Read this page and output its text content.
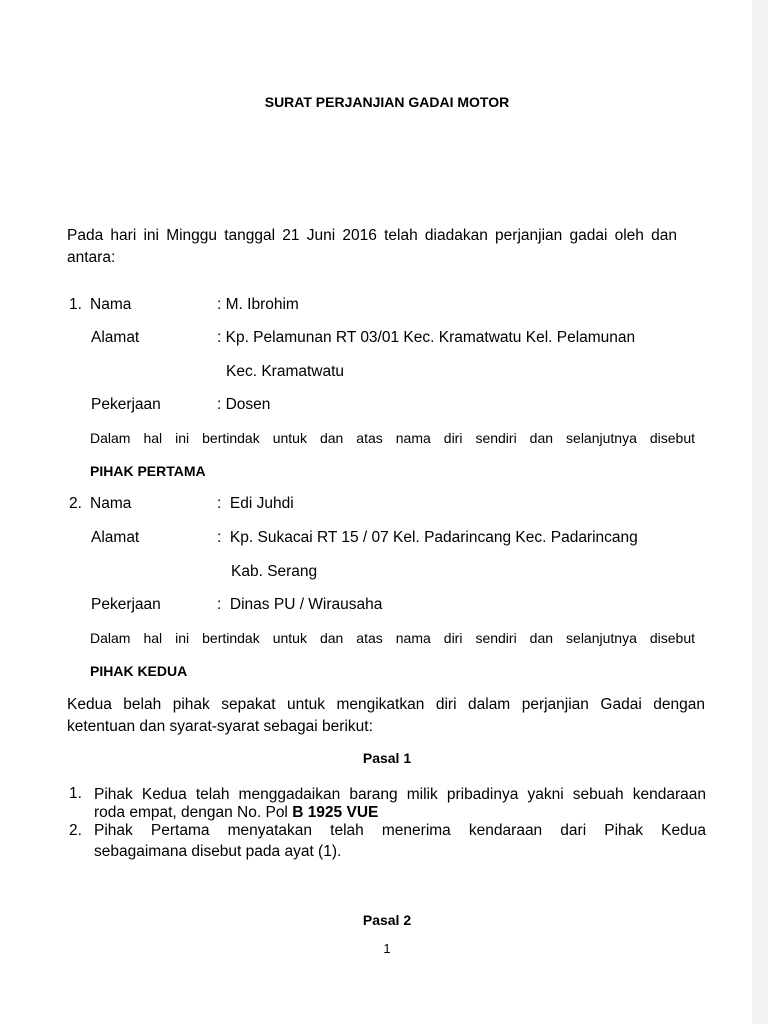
SURAT PERJANJIAN GADAI MOTOR
Pada hari ini Minggu tanggal 21 Juni 2016 telah diadakan perjanjian gadai oleh dan
antara:
1. Nama	: M. Ibrohim
Alamat	: Kp. Pelamunan RT 03/01 Kec. Kramatwatu Kel. Pelamunan
Kec. Kramatwatu
Pekerjaan	: Dosen
Dalam hal ini bertindak untuk dan atas nama diri sendiri dan selanjutnya disebut
PIHAK PERTAMA
2. Nama	:  Edi Juhdi
Alamat	:  Kp. Sukacai RT 15 / 07 Kel. Padarincang Kec. Padarincang
Kab. Serang
Pekerjaan	:  Dinas PU / Wirausaha
Dalam hal ini bertindak untuk dan atas nama diri sendiri dan selanjutnya disebut
PIHAK KEDUA
Kedua belah pihak sepakat untuk mengikatkan diri dalam perjanjian Gadai dengan
ketentuan dan syarat-syarat sebagai berikut:
Pasal 1
1. Pihak Kedua telah menggadaikan barang milik pribadinya yakni sebuah kendaraan
roda empat, dengan No. Pol B 1925 VUE
2. Pihak Pertama menyatakan telah menerima kendaraan dari Pihak Kedua
sebagaimana disebut pada ayat (1).
Pasal 2
1
